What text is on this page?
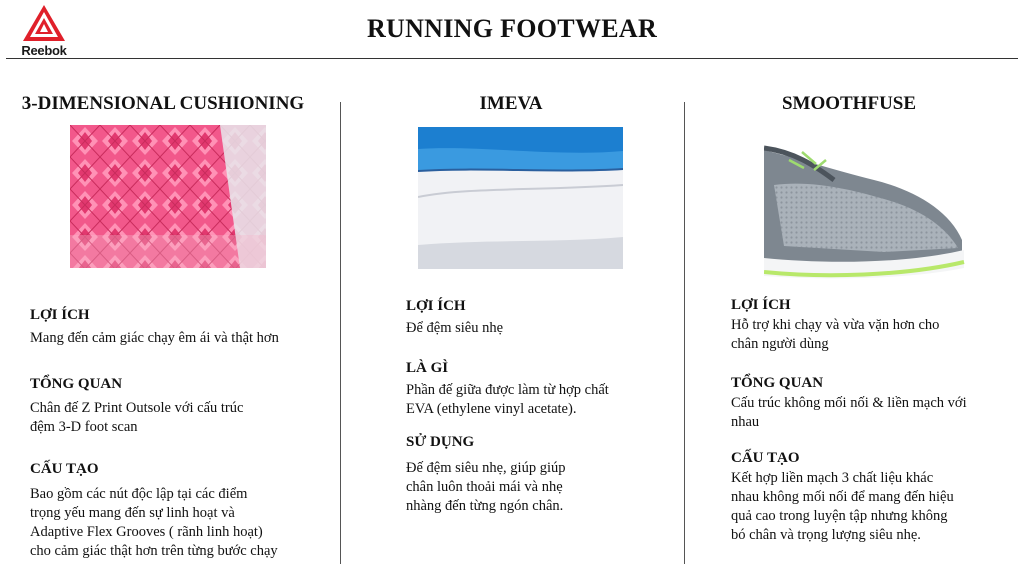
Reebok
RUNNING FOOTWEAR
3-DIMENSIONAL CUSHIONING	IMEVA	SMOOTHFUSE
LỢI ÍCH
Mang đến cảm giác chạy êm ái và thật hơn
TỔNG QUAN
Chân đế Z Print Outsole với cấu trúc
đệm 3-D foot scan
CẤU TẠO
Bao gồm các nút độc lập tại các điểm
trọng yếu mang đến sự linh hoạt và
Adaptive Flex Grooves ( rãnh linh hoạt)
cho cảm giác thật hơn trên từng bước chạy
LỢI ÍCH
Để đệm siêu nhẹ
LÀ GÌ
Phần đế giữa được làm từ hợp chất
EVA (ethylene vinyl acetate).
SỬ DỤNG
Đế đệm siêu nhẹ, giúp giúp
chân luôn thoải mái và nhẹ
nhàng đến từng ngón chân.
LỢI ÍCH
Hỗ trợ khi chạy và vừa vặn hơn cho
chân người dùng
TỔNG QUAN
Cấu trúc không mối nối & liền mạch với
nhau
CẤU TẠO
Kết hợp liền mạch 3 chất liệu khác
nhau không mối nối để mang đến hiệu
quả cao trong luyện tập nhưng không
bó chân và trọng lượng siêu nhẹ.
